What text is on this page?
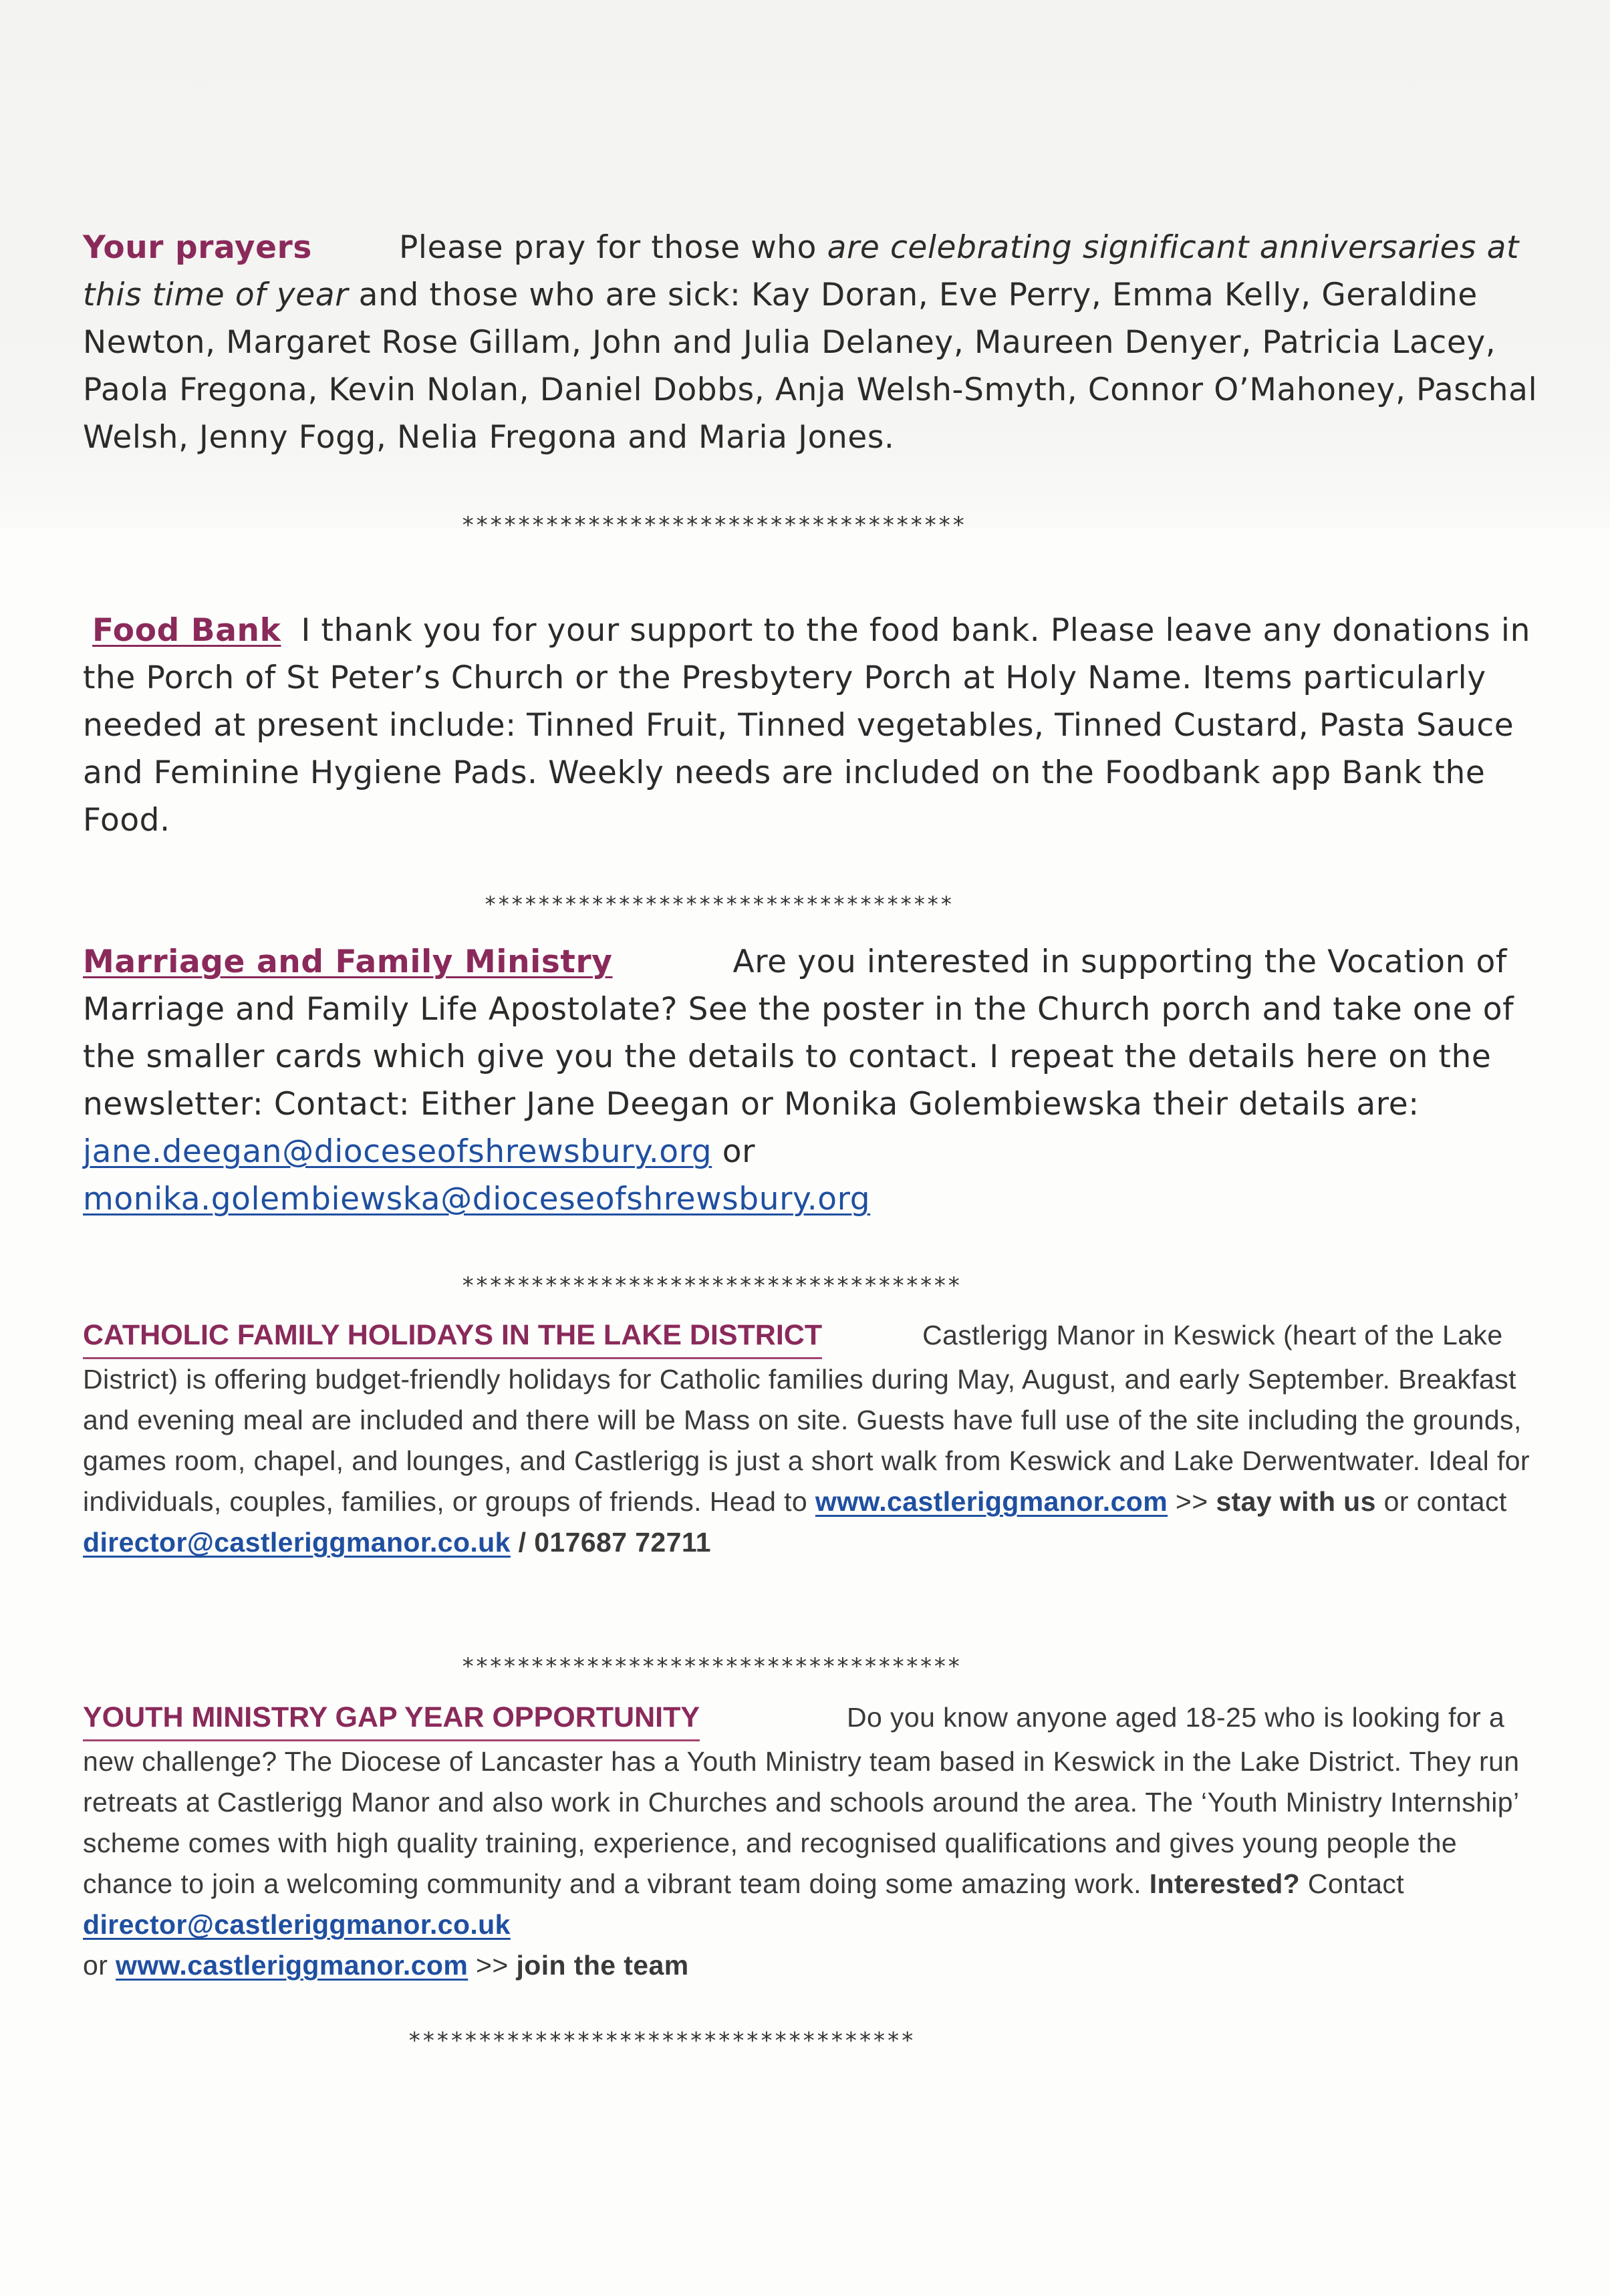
Your prayers	Please pray for those who are celebrating significant anniversaries at this time of year and those who are sick: Kay Doran, Eve Perry, Emma Kelly, Geraldine Newton, Margaret Rose Gillam, John and Julia Delaney, Maureen Denyer, Patricia Lacey, Paola Fregona, Kevin Nolan, Daniel Dobbs, Anja Welsh-Smyth, Connor O’Mahoney, Paschal Welsh, Jenny Fogg, Nelia Fregona and Maria Jones.
************************************
Food Bank I thank you for your support to the food bank. Please leave any donations in the Porch of St Peter’s Church or the Presbytery Porch at Holy Name. Items particularly needed at present include: Tinned Fruit, Tinned vegetables, Tinned Custard, Pasta Sauce and Feminine Hygiene Pads. Weekly needs are included on the Foodbank app Bank the Food.
***********************************
Marriage and Family Ministry	Are you interested in supporting the Vocation of Marriage and Family Life Apostolate? See the poster in the Church porch and take one of the smaller cards which give you the details to contact. I repeat the details here on the newsletter: Contact: Either Jane Deegan or Monika Golembiewska their details are:
jane.deegan@dioceseofshrewsbury.org or
monika.golembiewska@dioceseofshrewsbury.org
************************************
CATHOLIC FAMILY HOLIDAYS IN THE LAKE DISTRICT	Castlerigg Manor in Keswick (heart of the Lake District) is offering budget-friendly holidays for Catholic families during May, August, and early September. Breakfast and evening meal are included and there will be Mass on site. Guests have full use of the site including the grounds, games room, chapel, and lounges, and Castlerigg is just a short walk from Keswick and Lake Derwentwater. Ideal for individuals, couples, families, or groups of friends. Head to www.castleriggmanor.com >> stay with us or contact director@castleriggmanor.co.uk / 017687 72711
************************************
YOUTH MINISTRY GAP YEAR OPPORTUNITY	Do you know anyone aged 18-25 who is looking for a new challenge? The Diocese of Lancaster has a Youth Ministry team based in Keswick in the Lake District. They run retreats at Castlerigg Manor and also work in Churches and schools around the area. The ‘Youth Ministry Internship’ scheme comes with high quality training, experience, and recognised qualifications and gives young people the chance to join a welcoming community and a vibrant team doing some amazing work. Interested? Contact director@castleriggmanor.co.uk
or www.castleriggmanor.com >> join the team
************************************
